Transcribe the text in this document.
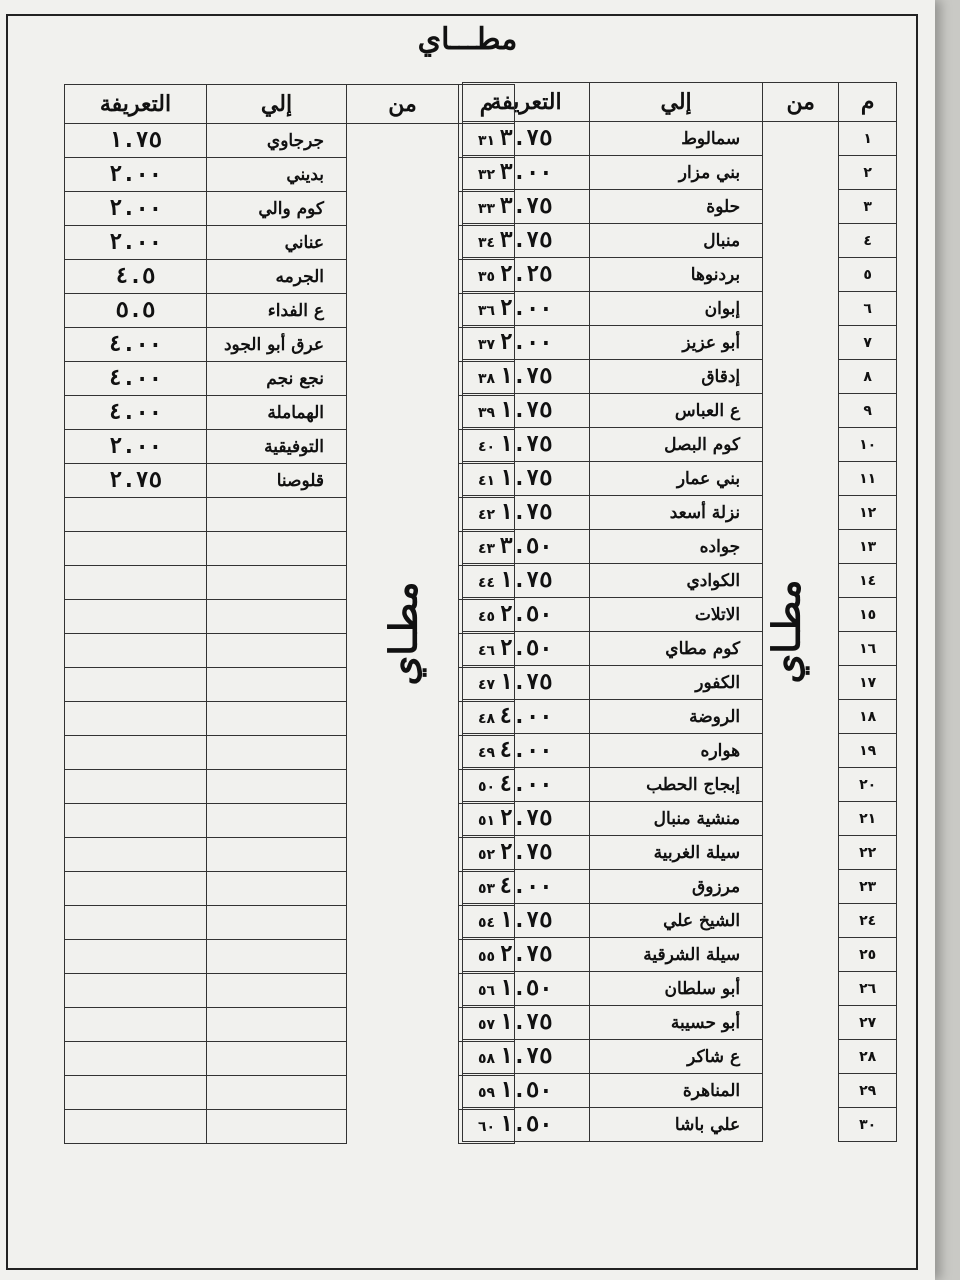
مطـــاي
م	من	إلي	التعريفة
١	مطـاي	سمالوط	٣.٧٥
٢		بني مزار	٣.٠٠
٣		حلوة	٣.٧٥
٤		منبال	٣.٧٥
٥		بردنوها	٢.٢٥
٦		إبوان	٢.٠٠
٧		أبو عزيز	٢.٠٠
٨		إدقاق	١.٧٥
٩		ع العباس	١.٧٥
١٠		كوم البصل	١.٧٥
١١		بني عمار	١.٧٥
١٢		نزلة أسعد	١.٧٥
١٣		جواده	٣.٥٠
١٤		الكوادي	١.٧٥
١٥		الاتلات	٢.٥٠
١٦		كوم مطاي	٢.٥٠
١٧		الكفور	١.٧٥
١٨		الروضة	٤.٠٠
١٩		هواره	٤.٠٠
٢٠		إبجاج الحطب	٤.٠٠
٢١		منشية منبال	٢.٧٥
٢٢		سيلة الغربية	٢.٧٥
٢٣		مرزوق	٤.٠٠
٢٤		الشيخ علي	١.٧٥
٢٥		سيلة الشرقية	٢.٧٥
٢٦		أبو سلطان	١.٥٠
٢٧		أبو حسيبة	١.٧٥
٢٨		ع شاكر	١.٧٥
٢٩		المناهرة	١.٥٠
٣٠		علي باشا	١.٥٠
م	من	إلي	التعريفة
٣١	مطـاي	جرجاوي	١.٧٥
٣٢		بديني	٢.٠٠
٣٣		كوم والي	٢.٠٠
٣٤		عناني	٢.٠٠
٣٥		الجرمه	٤.٥
٣٦		ع الفداء	٥.٥
٣٧		عرق أبو الجود	٤.٠٠
٣٨		نجع نجم	٤.٠٠
٣٩		الهماملة	٤.٠٠
٤٠		التوفيقية	٢.٠٠
٤١		قلوصنا	٢.٧٥
٤٢			
٤٣			
٤٤			
٤٥			
٤٦			
٤٧			
٤٨			
٤٩			
٥٠			
٥١			
٥٢			
٥٣			
٥٤			
٥٥			
٥٦			
٥٧			
٥٨			
٥٩			
٦٠			
